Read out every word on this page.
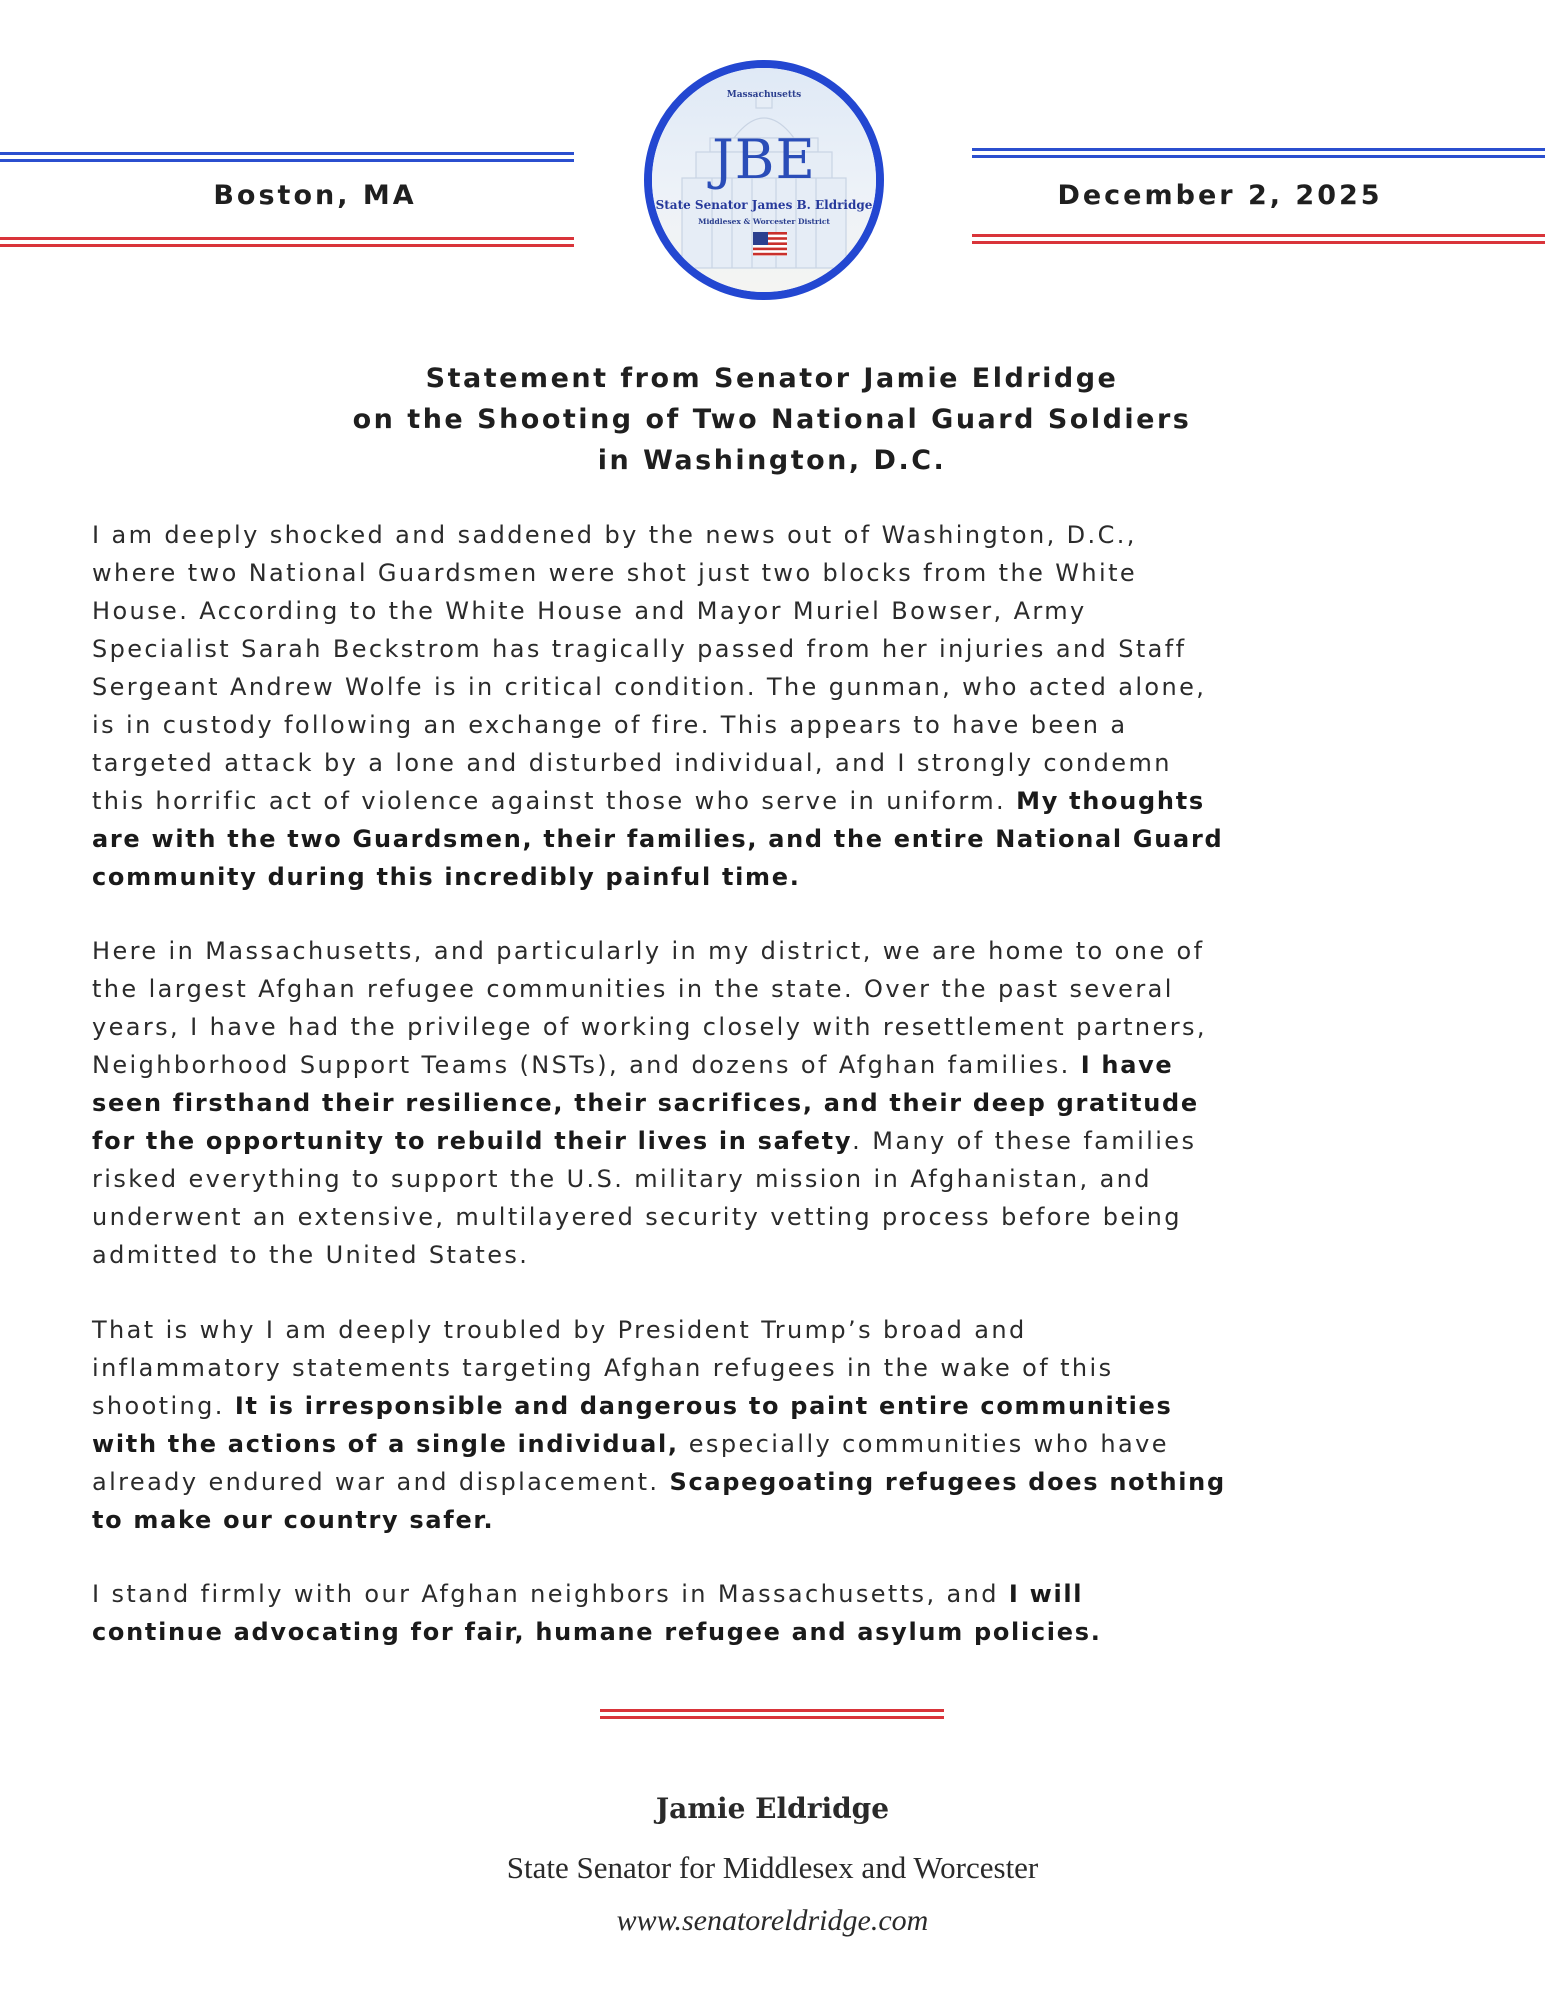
Boston, MA	December 2, 2025
Massachusetts
JBE
State Senator James B. Eldridge
Middlesex & Worcester District
Statement from Senator Jamie Eldridge
on the Shooting of Two National Guard Soldiers
in Washington, D.C.
I am deeply shocked and saddened by the news out of Washington, D.C.,
where two National Guardsmen were shot just two blocks from the White
House. According to the White House and Mayor Muriel Bowser, Army
Specialist Sarah Beckstrom has tragically passed from her injuries and Staff
Sergeant Andrew Wolfe is in critical condition. The gunman, who acted alone,
is in custody following an exchange of fire. This appears to have been a
targeted attack by a lone and disturbed individual, and I strongly condemn
this horrific act of violence against those who serve in uniform. My thoughts
are with the two Guardsmen, their families, and the entire National Guard
community during this incredibly painful time.
Here in Massachusetts, and particularly in my district, we are home to one of
the largest Afghan refugee communities in the state. Over the past several
years, I have had the privilege of working closely with resettlement partners,
Neighborhood Support Teams (NSTs), and dozens of Afghan families. I have
seen firsthand their resilience, their sacrifices, and their deep gratitude
for the opportunity to rebuild their lives in safety. Many of these families
risked everything to support the U.S. military mission in Afghanistan, and
underwent an extensive, multilayered security vetting process before being
admitted to the United States.
That is why I am deeply troubled by President Trump’s broad and
inflammatory statements targeting Afghan refugees in the wake of this
shooting. It is irresponsible and dangerous to paint entire communities
with the actions of a single individual, especially communities who have
already endured war and displacement. Scapegoating refugees does nothing
to make our country safer.
I stand firmly with our Afghan neighbors in Massachusetts, and I will
continue advocating for fair, humane refugee and asylum policies.
Jamie Eldridge
State Senator for Middlesex and Worcester
www.senatoreldridge.com
